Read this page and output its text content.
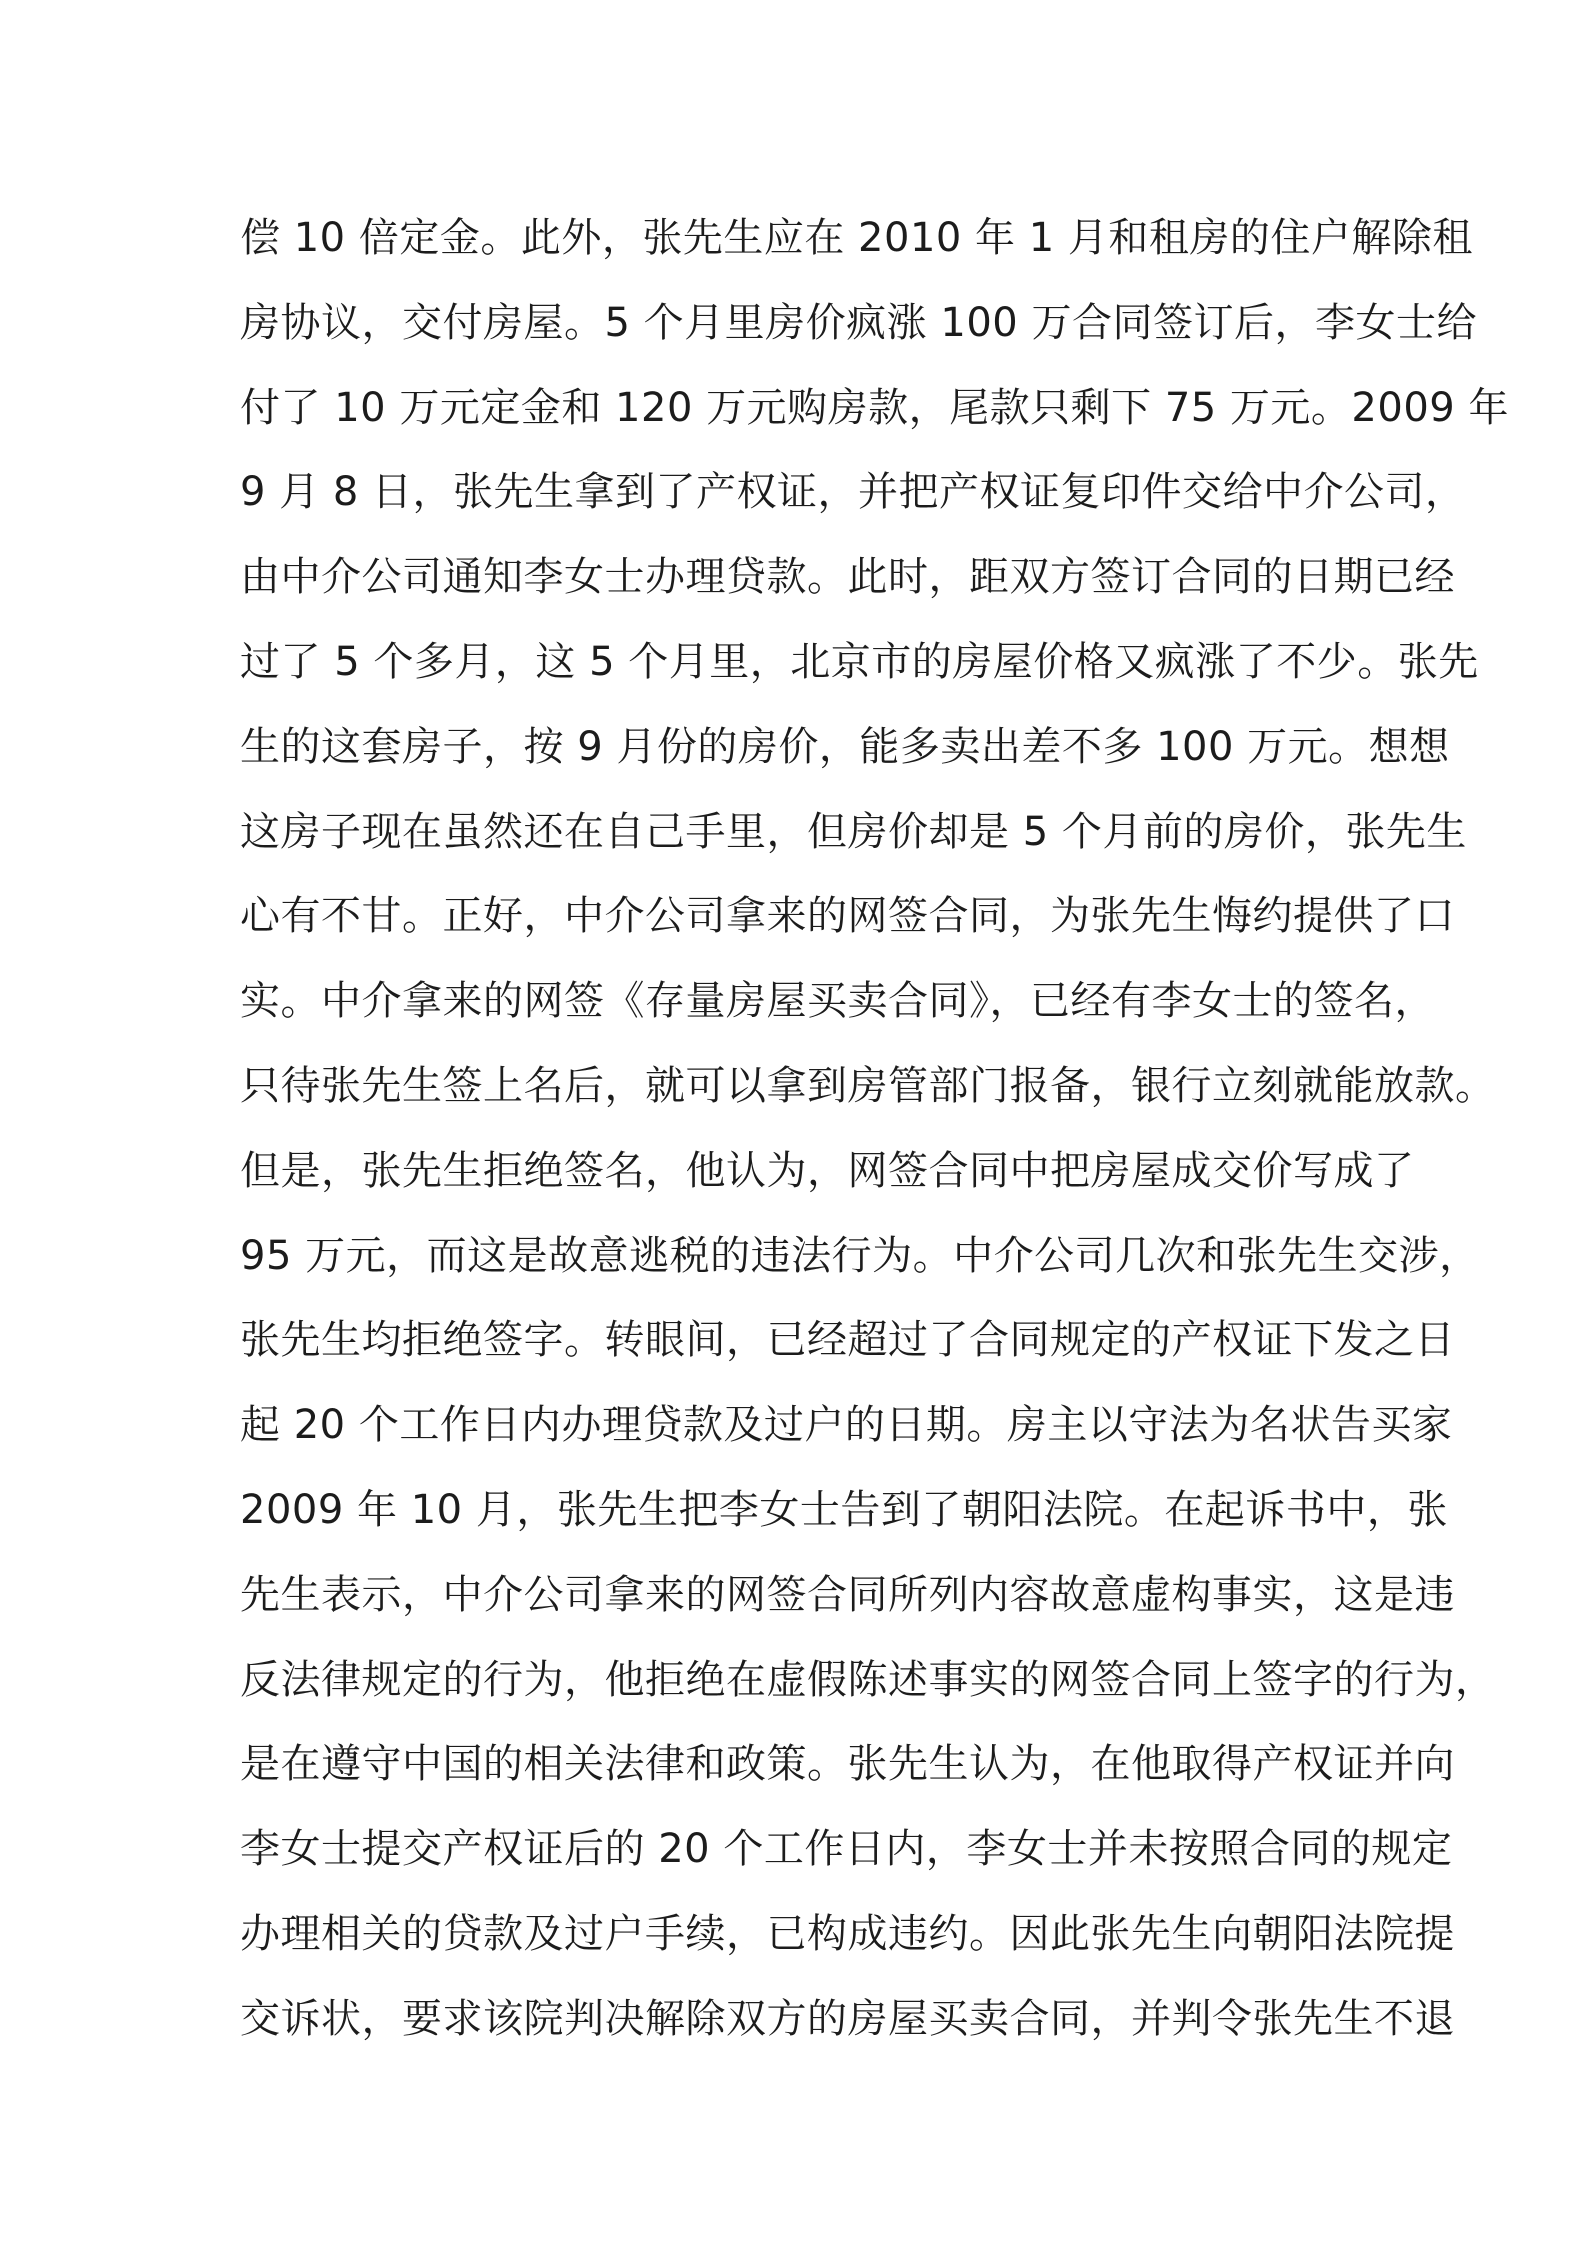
偿 10 倍定金。此外，张先生应在 2010 年 1 月和租房的住户解除租
房协议，交付房屋。5 个月里房价疯涨 100 万合同签订后，李女士给
付了 10 万元定金和 120 万元购房款，尾款只剩下 75 万元。2009 年
9 月 8 日，张先生拿到了产权证，并把产权证复印件交给中介公司，
由中介公司通知李女士办理贷款。此时，距双方签订合同的日期已经
过了 5 个多月，这 5 个月里，北京市的房屋价格又疯涨了不少。张先
生的这套房子，按 9 月份的房价，能多卖出差不多 100 万元。想想
这房子现在虽然还在自己手里，但房价却是 5 个月前的房价，张先生
心有不甘。正好，中介公司拿来的网签合同，为张先生悔约提供了口
实。中介拿来的网签《存量房屋买卖合同》，已经有李女士的签名，
只待张先生签上名后，就可以拿到房管部门报备，银行立刻就能放款。
但是，张先生拒绝签名，他认为，网签合同中把房屋成交价写成了
95 万元，而这是故意逃税的违法行为。中介公司几次和张先生交涉，
张先生均拒绝签字。转眼间，已经超过了合同规定的产权证下发之日
起 20 个工作日内办理贷款及过户的日期。房主以守法为名状告买家
2009 年 10 月，张先生把李女士告到了朝阳法院。在起诉书中，张
先生表示，中介公司拿来的网签合同所列内容故意虚构事实，这是违
反法律规定的行为，他拒绝在虚假陈述事实的网签合同上签字的行为，
是在遵守中国的相关法律和政策。张先生认为，在他取得产权证并向
李女士提交产权证后的 20 个工作日内，李女士并未按照合同的规定
办理相关的贷款及过户手续，已构成违约。因此张先生向朝阳法院提
交诉状，要求该院判决解除双方的房屋买卖合同，并判令张先生不退
